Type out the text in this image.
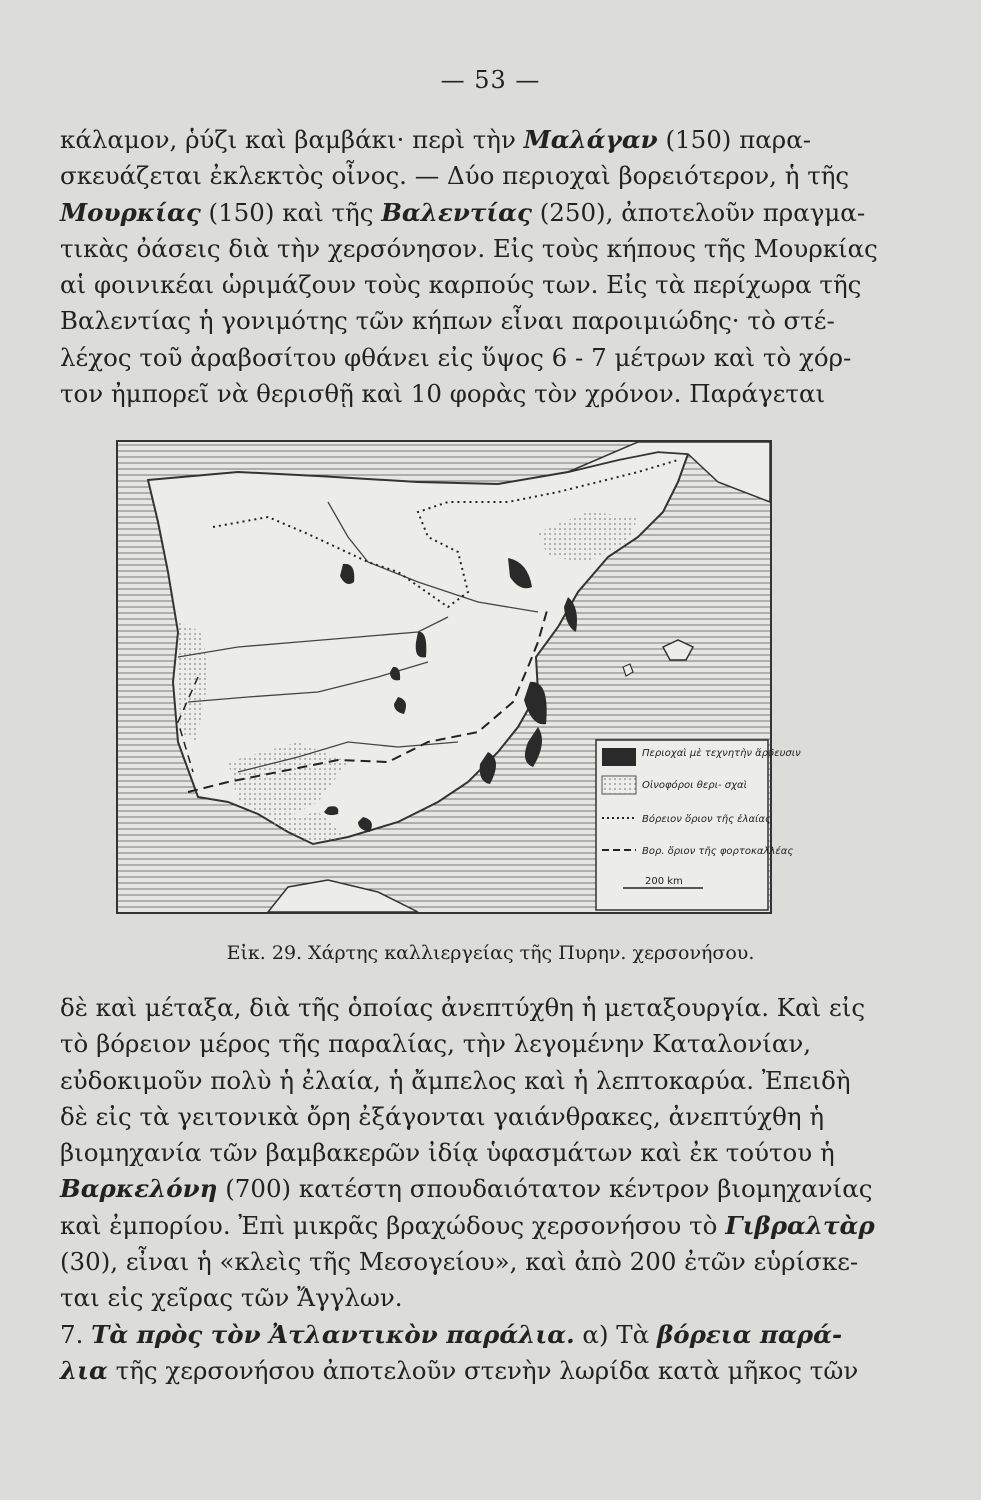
— 53 —
κάλαμον, ῥύζι καὶ βαμβάκι· περὶ τὴν Μαλάγαν (150) παρα-
σκευάζεται ἐκλεκτὸς οἶνος. — Δύο περιοχαὶ βορειότερον, ἡ τῆς
Μουρκίας (150) καὶ τῆς Βαλεντίας (250), ἀποτελοῦν πραγμα-
τικὰς ὀάσεις διὰ τὴν χερσόνησον. Εἰς τοὺς κήπους τῆς Μουρκίας
αἱ φοινικέαι ὡριμάζουν τοὺς καρπούς των. Εἰς τὰ περίχωρα τῆς
Βαλεντίας ἡ γονιμότης τῶν κήπων εἶναι παροιμιώδης· τὸ στέ-
λέχος τοῦ ἀραβοσίτου φθάνει εἰς ὕψος 6 - 7 μέτρων καὶ τὸ χόρ-
τον ἠμπορεῖ νὰ θερισθῇ καὶ 10 φορὰς τὸν χρόνον. Παράγεται
Περιοχαὶ μὲ τεχνητὴν ἄρδευσιν
Οἰνοφόροι θερι- σχαὶ
Βόρειον ὅριον τῆς ἐλαίας
Βορ. ὅριον τῆς φορτοκαλλέας
200 km
Εἰκ. 29. Χάρτης καλλιεργείας τῆς Πυρην. χερσονήσου.
δὲ καὶ μέταξα, διὰ τῆς ὁποίας ἀνεπτύχθη ἡ μεταξουργία. Καὶ εἰς
τὸ βόρειον μέρος τῆς παραλίας, τὴν λεγομένην Καταλονίαν,
εὐδοκιμοῦν πολὺ ἡ ἐλαία, ἡ ἄμπελος καὶ ἡ λεπτοκαρύα. Ἐπειδὴ
δὲ εἰς τὰ γειτονικὰ ὄρη ἐξάγονται γαιάνθρακες, ἀνεπτύχθη ἡ
βιομηχανία τῶν βαμβακερῶν ἰδίᾳ ὑφασμάτων καὶ ἐκ τούτου ἡ
Βαρκελόνη (700) κατέστη σπουδαιότατον κέντρον βιομηχανίας
καὶ ἐμπορίου. Ἐπὶ μικρᾶς βραχώδους χερσονήσου τὸ Γιβραλτὰρ
(30), εἶναι ἡ «κλεὶς τῆς Μεσογείου», καὶ ἀπὸ 200 ἐτῶν εὑρίσκε-
ται εἰς χεῖρας τῶν Ἄγγλων.
7. Τὰ πρὸς τὸν Ἀτλαντικὸν παράλια. α) Τὰ βόρεια παρά-
λια τῆς χερσονήσου ἀποτελοῦν στενὴν λωρίδα κατὰ μῆκος τῶν
